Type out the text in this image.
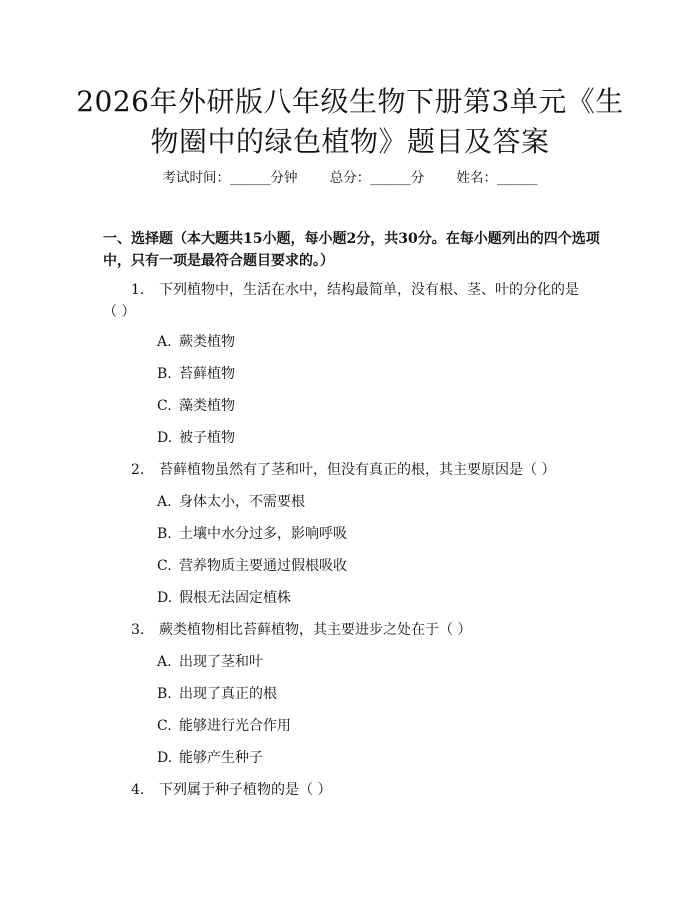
2026年外研版八年级生物下册第3单元《生
物圈中的绿色植物》题目及答案
考试时间：______分钟 总分：______分 姓名：______
一、选择题（本大题共15小题，每小题2分，共30分。在每小题列出的四个选项中，只有一项是最符合题目要求的。）
1. 下列植物中，生活在水中，结构最简单，没有根、茎、叶的分化的是（ ）
A. 蕨类植物
B. 苔藓植物
C. 藻类植物
D. 被子植物
2. 苔藓植物虽然有了茎和叶，但没有真正的根，其主要原因是（ ）
A. 身体太小，不需要根
B. 土壤中水分过多，影响呼吸
C. 营养物质主要通过假根吸收
D. 假根无法固定植株
3. 蕨类植物相比苔藓植物，其主要进步之处在于（ ）
A. 出现了茎和叶
B. 出现了真正的根
C. 能够进行光合作用
D. 能够产生种子
4. 下列属于种子植物的是（ ）
